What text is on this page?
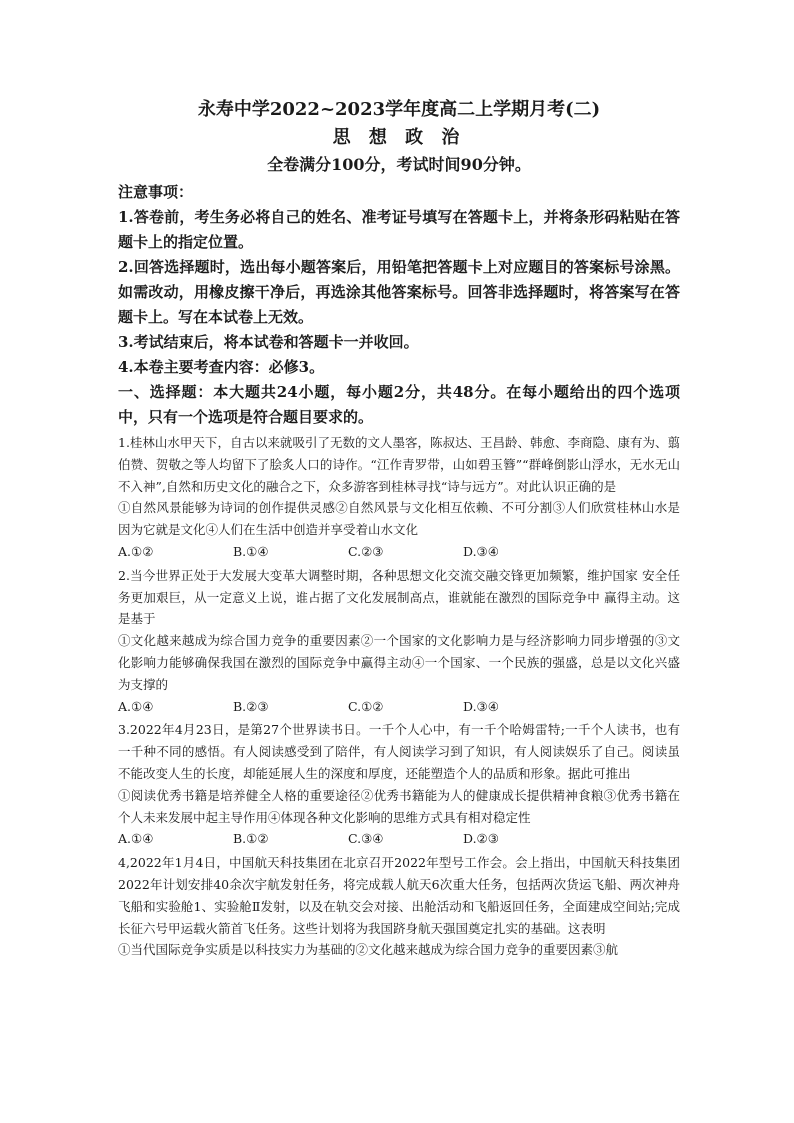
永寿中学2022~2023学年度高二上学期月考(二)

思 想 政 治

全卷满分100分，考试时间90分钟。

注意事项：

1.答卷前，考生务必将自己的姓名、准考证号填写在答题卡上，并将条形码粘贴在答题卡上的指定位置。

2.回答选择题时，选出每小题答案后，用铅笔把答题卡上对应题目的答案标号涂黑。如需改动，用橡皮擦干净后，再选涂其他答案标号。回答非选择题时，将答案写在答题卡上。写在本试卷上无效。

3.考试结束后，将本试卷和答题卡一并收回。

4.本卷主要考查内容：必修3。

一、选择题：本大题共24小题，每小题2分，共48分。在每小题给出的四个选项中，只有一个选项是符合题目要求的。

1.桂林山水甲天下，自古以来就吸引了无数的文人墨客，陈叔达、王昌龄、韩愈、李商隐、康有为、翦伯赞、贺敬之等人均留下了脍炙人口的诗作。“江作青罗带，山如碧玉簪”“群峰倒影山浮水，无水无山不入神”,自然和历史文化的融合之下，众多游客到桂林寻找“诗与远方”。对此认识正确的是

①自然风景能够为诗词的创作提供灵感②自然风景与文化相互依赖、不可分割③人们欣赏桂林山水是因为它就是文化④人们在生活中创造并享受着山水文化

A.①②	B.①④	C.②③	D.③④

2.当今世界正处于大发展大变革大调整时期，各种思想文化交流交融交锋更加频繁，维护国家 安全任务更加艰巨，从一定意义上说，谁占据了文化发展制高点，谁就能在激烈的国际竞争中 赢得主动。这是基于

①文化越来越成为综合国力竞争的重要因素②一个国家的文化影响力是与经济影响力同步增强的③文化影响力能够确保我国在激烈的国际竞争中赢得主动④一个国家、一个民族的强盛，总是以文化兴盛为支撑的

A.①④	B.②③	C.①②	D.③④

3.2022年4月23日，是第27个世界读书日。一千个人心中，有一千个哈姆雷特;一千个人读书，也有一千种不同的感悟。有人阅读感受到了陪伴，有人阅读学习到了知识，有人阅读娱乐了自己。阅读虽不能改变人生的长度，却能延展人生的深度和厚度，还能塑造个人的品质和形象。据此可推出

①阅读优秀书籍是培养健全人格的重要途径②优秀书籍能为人的健康成长提供精神食粮③优秀书籍在个人未来发展中起主导作用④体现各种文化影响的思维方式具有相对稳定性

A.①④	B.①②	C.③④	D.②③

4,2022年1月4日，中国航天科技集团在北京召开2022年型号工作会。会上指出，中国航天科技集团2022年计划安排40余次宇航发射任务，将完成载人航天6次重大任务，包括两次货运飞船、两次神舟飞船和实验舱1、实验舱Ⅱ发射，以及在轨交会对接、出舱活动和飞船返回任务，全面建成空间站;完成长征六号甲运载火箭首飞任务。这些计划将为我国跻身航天强国奠定扎实的基础。这表明

①当代国际竞争实质是以科技实力为基础的②文化越来越成为综合国力竞争的重要因素③航
